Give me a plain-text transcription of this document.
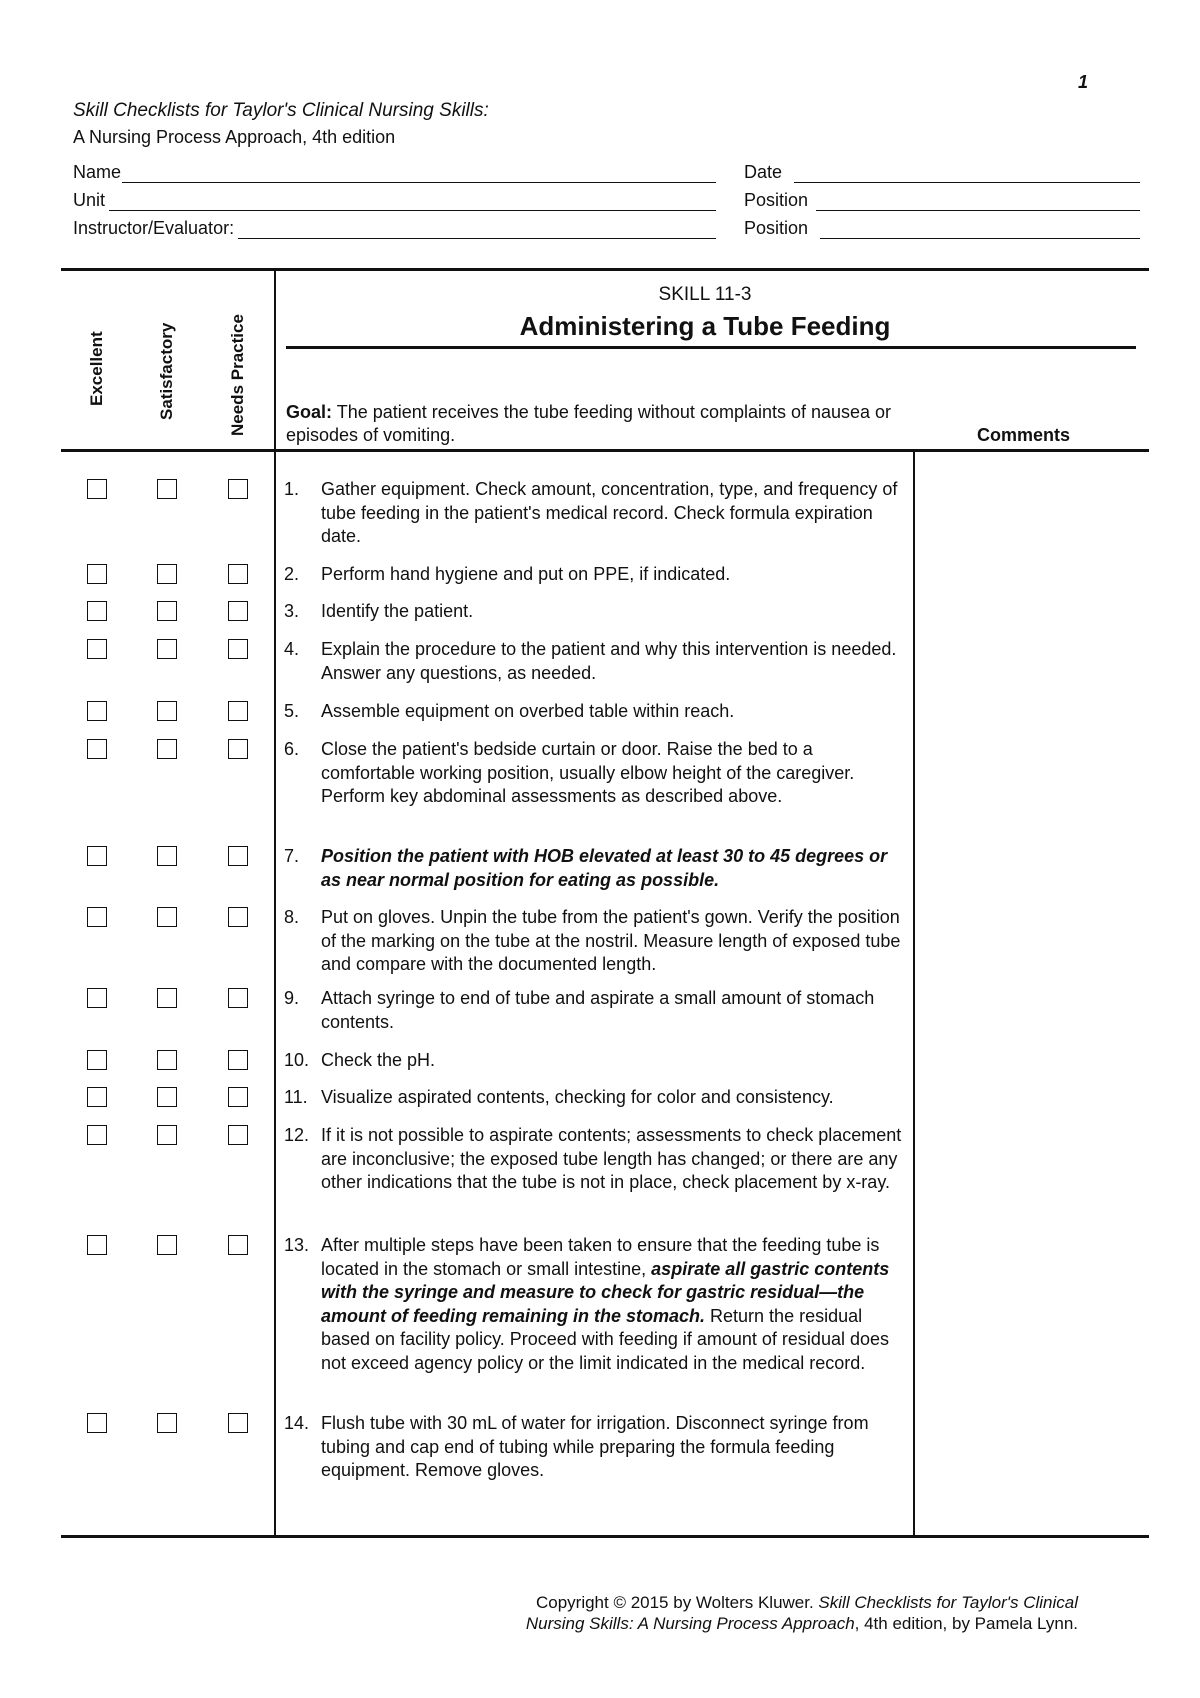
1
Skill Checklists for Taylor's Clinical Nursing Skills:
A Nursing Process Approach, 4th edition
Name
Unit
Instructor/Evaluator:
Date
Position
Position
Excellent	Satisfactory	Needs Practice
SKILL 11-3
Administering a Tube Feeding
Goal: The patient receives the tube feeding without complaints of nausea or episodes of vomiting.	Comments
1. Gather equipment. Check amount, concentration, type, and frequency of tube feeding in the patient's medical record. Check formula expiration date.
2. Perform hand hygiene and put on PPE, if indicated.
3. Identify the patient.
4. Explain the procedure to the patient and why this intervention is needed. Answer any questions, as needed.
5. Assemble equipment on overbed table within reach.
6. Close the patient's bedside curtain or door. Raise the bed to a comfortable working position, usually elbow height of the caregiver. Perform key abdominal assessments as described above.
7. Position the patient with HOB elevated at least 30 to 45 degrees or as near normal position for eating as possible.
8. Put on gloves. Unpin the tube from the patient's gown. Verify the position of the marking on the tube at the nostril. Measure length of exposed tube and compare with the documented length.
9. Attach syringe to end of tube and aspirate a small amount of stomach contents.
10. Check the pH.
11. Visualize aspirated contents, checking for color and consistency.
12. If it is not possible to aspirate contents; assessments to check placement are inconclusive; the exposed tube length has changed; or there are any other indications that the tube is not in place, check placement by x-ray.
13. After multiple steps have been taken to ensure that the feeding tube is located in the stomach or small intestine, aspirate all gastric contents with the syringe and measure to check for gastric residual—the amount of feeding remaining in the stomach. Return the residual based on facility policy. Proceed with feeding if amount of residual does not exceed agency policy or the limit indicated in the medical record.
14. Flush tube with 30 mL of water for irrigation. Disconnect syringe from tubing and cap end of tubing while preparing the formula feeding equipment. Remove gloves.
Copyright © 2015 by Wolters Kluwer. Skill Checklists for Taylor's Clinical
Nursing Skills: A Nursing Process Approach, 4th edition, by Pamela Lynn.
